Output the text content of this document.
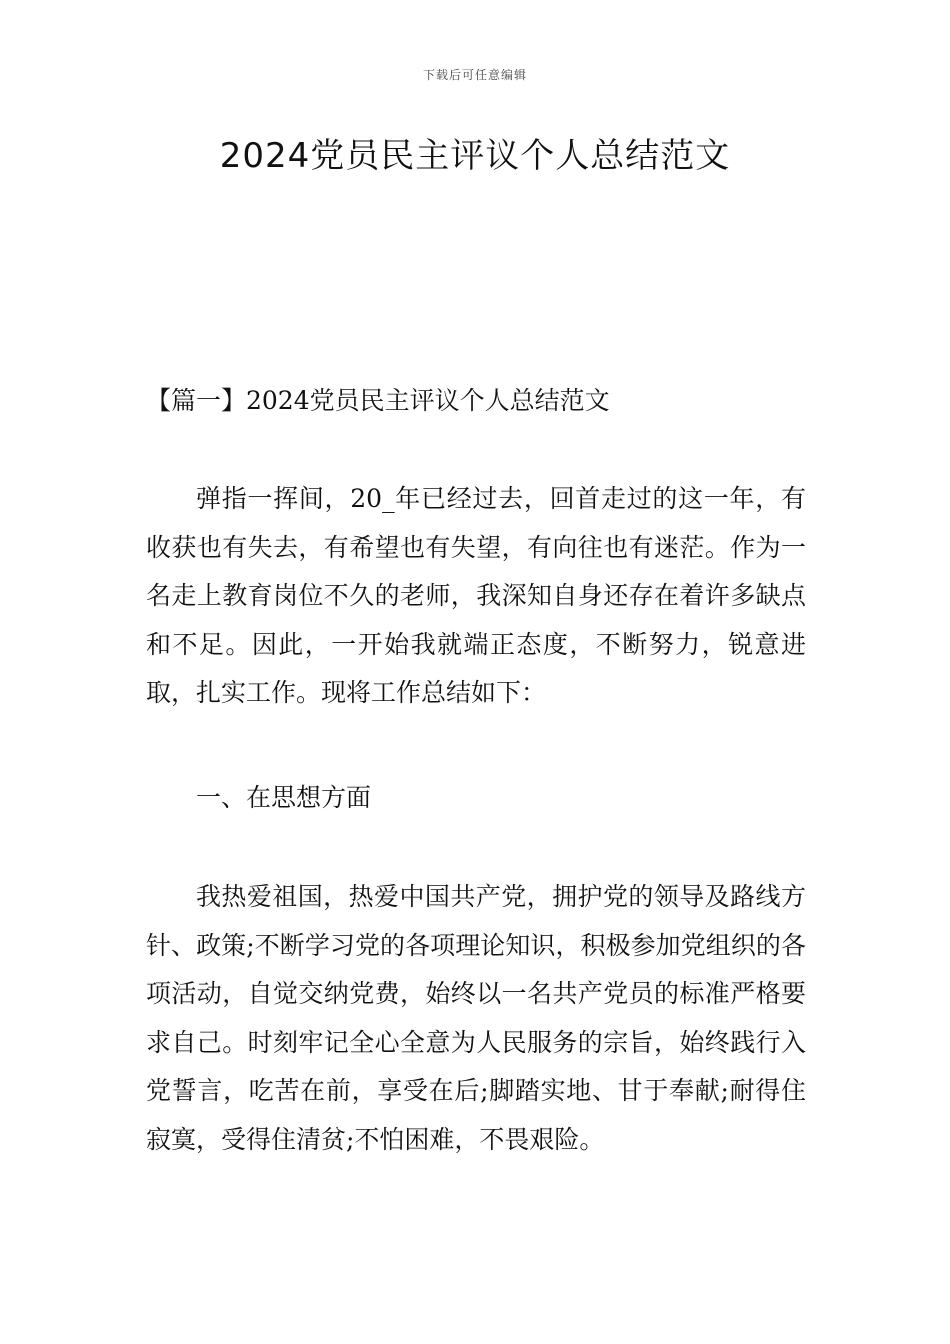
下载后可任意编辑
2024党员民主评议个人总结范文
【篇一】2024党员民主评议个人总结范文

弹指一挥间，20_年已经过去，回首走过的这一年，有收获也有失去，有希望也有失望，有向往也有迷茫。作为一名走上教育岗位不久的老师，我深知自身还存在着许多缺点和不足。因此，一开始我就端正态度，不断努力，锐意进取，扎实工作。现将工作总结如下：

一、在思想方面

我热爱祖国，热爱中国共产党，拥护党的领导及路线方针、政策;不断学习党的各项理论知识，积极参加党组织的各项活动，自觉交纳党费，始终以一名共产党员的标准严格要求自己。时刻牢记全心全意为人民服务的宗旨，始终践行入党誓言，吃苦在前，享受在后;脚踏实地、甘于奉献;耐得住寂寞，受得住清贫;不怕困难，不畏艰险。
